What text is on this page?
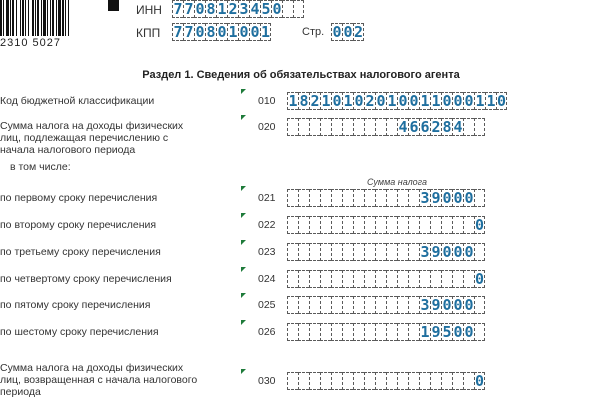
2310 5027
ИНН 7 7 0 8 1 2 3 4 5 0
КПП 7 7 0 8 0 1 0 0 1	Стр. 0 0 2
Раздел 1. Сведения об обязательствах налогового агента
Код бюджетной классификации	010 1 8 2 1 0 1 0 2 0 1 0 0 1 1 0 0 0 1 1 0
Сумма налога на доходы физических лиц, подлежащая перечислению с начала налогового периода
020	4 6 6 2 8 4
по первому сроку перечисления	021	3 9 0 0 0
по второму сроку перечисления	022	0
по третьему сроку перечисления	023	3 9 0 0 0
по четвертому сроку перечисления	024	0
по пятому сроку перечисления	025	3 9 0 0 0
по шестому сроку перечисления	026	1 9 5 0 0
Сумма налога на доходы физических лиц, возвращенная с начала налогового периода
030	0
в том числе:
Сумма налога
